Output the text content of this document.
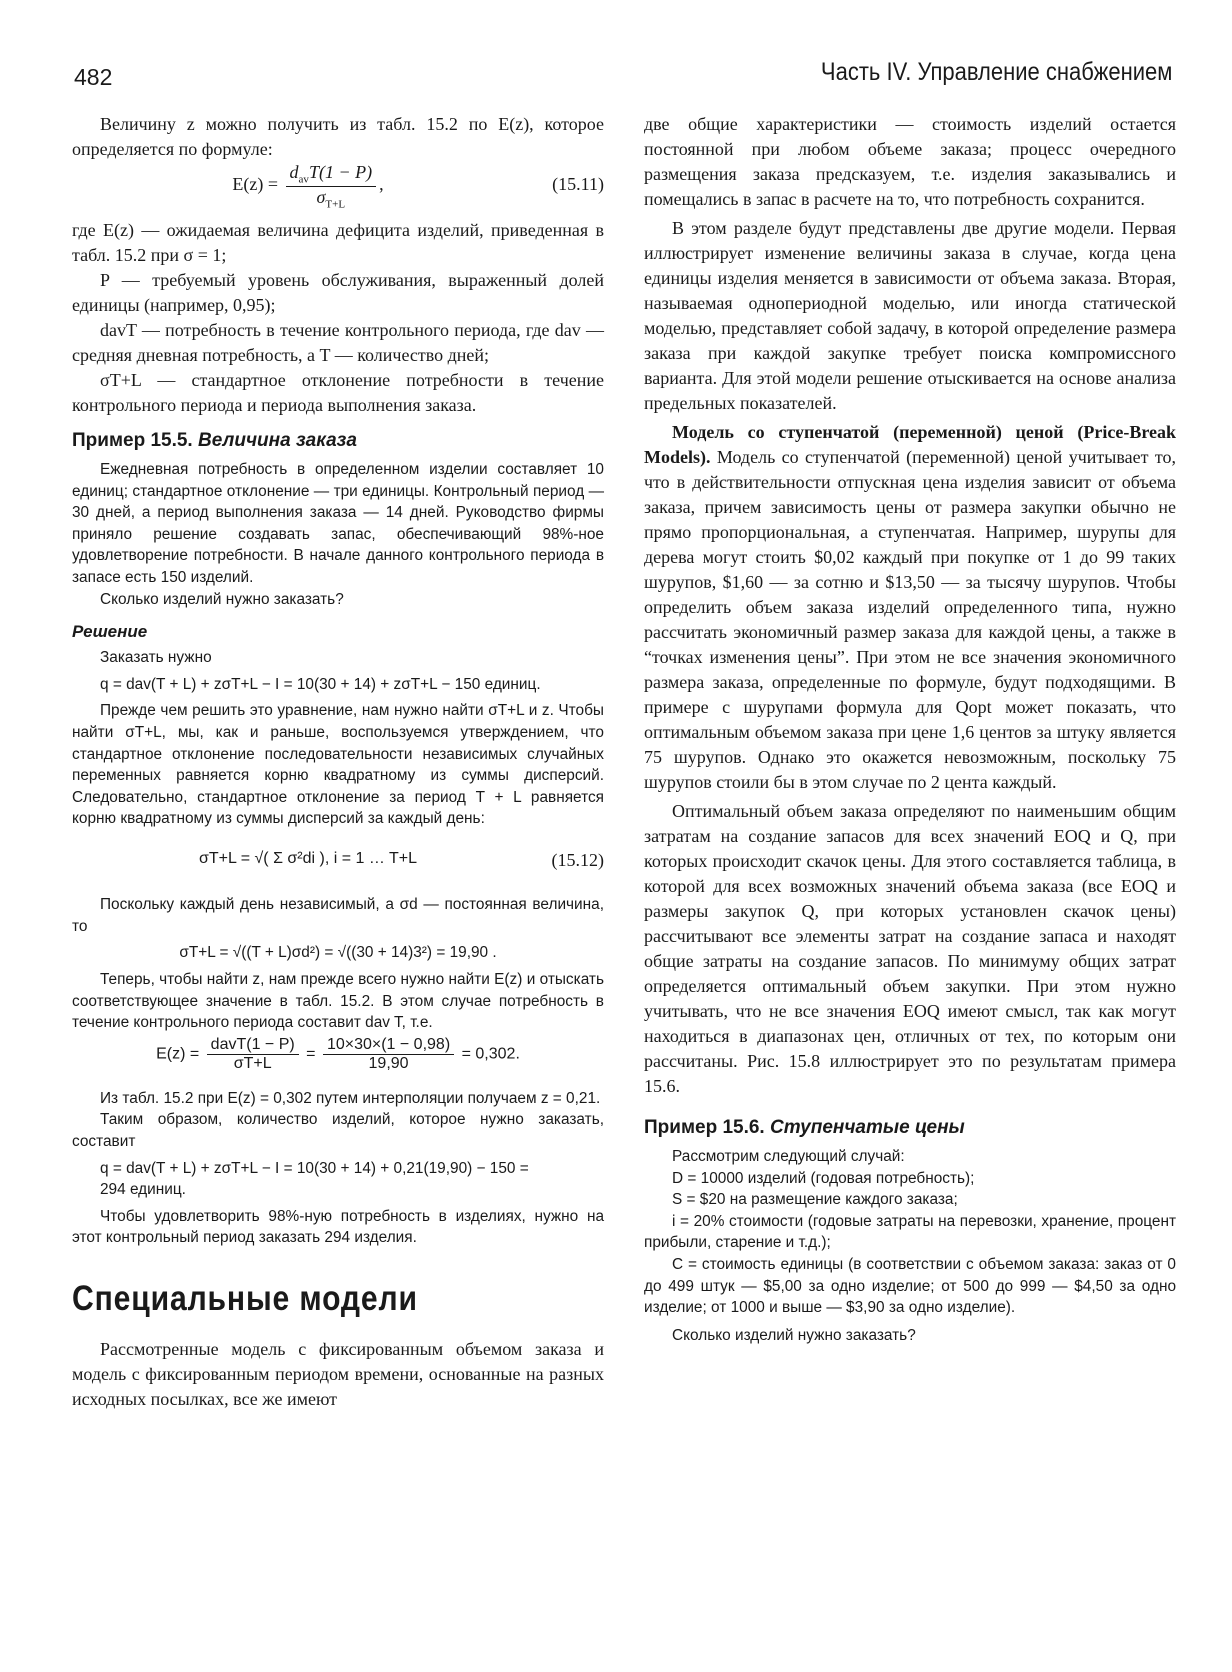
482	Часть IV. Управление снабжением

Величину z можно получить из табл. 15.2 по E(z), которое определяется по формуле:

$E(z) = \frac{d_{av}T(1 - P)}{\sigma_{T+L}}$ ,	(15.11)

где E(z) — ожидаемая величина дефицита изделий, приведенная в табл. 15.2 при σ = 1;

P — требуемый уровень обслуживания, выраженный долей единицы (например, 0,95);

davT — потребность в течение контрольного периода, где dav — средняя дневная потребность, а T — количество дней;

σT+L — стандартное отклонение потребности в течение контрольного периода и периода выполнения заказа.

Пример 15.5. Величина заказа

Ежедневная потребность в определенном изделии составляет 10 единиц; стандартное отклонение — три единицы. Контрольный период — 30 дней, а период выполнения заказа — 14 дней. Руководство фирмы приняло решение создавать запас, обеспечивающий 98%-ное удовлетворение потребности. В начале данного контрольного периода в запасе есть 150 изделий.

Сколько изделий нужно заказать?

Решение

Заказать нужно

q = dav(T + L) + zσT+L − I = 10(30 + 14) + zσT+L − 150 единиц.

Прежде чем решить это уравнение, нам нужно найти σT+L и z. Чтобы найти σT+L, мы, как и раньше, воспользуемся утверждением, что стандартное отклонение последовательности независимых случайных переменных равняется корню квадратному из суммы дисперсий. Следовательно, стандартное отклонение за период T + L равняется корню квадратному из суммы дисперсий за каждый день:

σT+L = √( Σ σ²di ), i = 1 … T+L	(15.12)

Поскольку каждый день независимый, а σd — постоянная величина, то

σT+L = √((T + L)σd²) = √((30 + 14)3²) = 19,90 .

Теперь, чтобы найти z, нам прежде всего нужно найти E(z) и отыскать соответствующее значение в табл. 15.2. В этом случае потребность в течение контрольного периода составит dav T, т.е.

$E(z) = \frac{\text{davT(1 − P)}}{\sigma T+L} = \frac{10\times 30\times(1 - 0,98)}{19,90} = 0,302$.

Из табл. 15.2 при E(z) = 0,302 путем интерполяции получаем z = 0,21.

Таким образом, количество изделий, которое нужно заказать, составит

q = dav(T + L) + zσT+L − I = 10(30 + 14) + 0,21(19,90) − 150 =

294 единиц.

Чтобы удовлетворить 98%-ную потребность в изделиях, нужно на этот контрольный период заказать 294 изделия.

Специальные модели

Рассмотренные модель с фиксированным объемом заказа и модель с фиксированным периодом времени, основанные на разных исходных посылках, все же имеют

две общие характеристики — стоимость изделий остается постоянной при любом объеме заказа; процесс очередного размещения заказа предсказуем, т.е. изделия заказывались и помещались в запас в расчете на то, что потребность сохранится.

В этом разделе будут представлены две другие модели. Первая иллюстрирует изменение величины заказа в случае, когда цена единицы изделия меняется в зависимости от объема заказа. Вторая, называемая однопериодной моделью, или иногда статической моделью, представляет собой задачу, в которой определение размера заказа при каждой закупке требует поиска компромиссного варианта. Для этой модели решение отыскивается на основе анализа предельных показателей.

Модель со ступенчатой (переменной) ценой (Price-Break Models). Модель со ступенчатой (переменной) ценой учитывает то, что в действительности отпускная цена изделия зависит от объема заказа, причем зависимость цены от размера закупки обычно не прямо пропорциональная, а ступенчатая. Например, шурупы для дерева могут стоить $0,02 каждый при покупке от 1 до 99 таких шурупов, $1,60 — за сотню и $13,50 — за тысячу шурупов. Чтобы определить объем заказа изделий определенного типа, нужно рассчитать экономичный размер заказа для каждой цены, а также в “точках изменения цены”. При этом не все значения экономичного размера заказа, определенные по формуле, будут подходящими. В примере с шурупами формула для Qopt может показать, что оптимальным объемом заказа при цене 1,6 центов за штуку является 75 шурупов. Однако это окажется невозможным, поскольку 75 шурупов стоили бы в этом случае по 2 цента каждый.

Оптимальный объем заказа определяют по наименьшим общим затратам на создание запасов для всех значений EOQ и Q, при которых происходит скачок цены. Для этого составляется таблица, в которой для всех возможных значений объема заказа (все EOQ и размеры закупок Q, при которых установлен скачок цены) рассчитывают все элементы затрат на создание запаса и находят общие затраты на создание запасов. По минимуму общих затрат определяется оптимальный объем закупки. При этом нужно учитывать, что не все значения EOQ имеют смысл, так как могут находиться в диапазонах цен, отличных от тех, по которым они рассчитаны. Рис. 15.8 иллюстрирует это по результатам примера 15.6.

Пример 15.6. Ступенчатые цены

Рассмотрим следующий случай:

D = 10000 изделий (годовая потребность);

S = $20 на размещение каждого заказа;

i = 20% стоимости (годовые затраты на перевозки, хранение, процент прибыли, старение и т.д.);

C = стоимость единицы (в соответствии с объемом заказа: заказ от 0 до 499 штук — $5,00 за одно изделие; от 500 до 999 — $4,50 за одно изделие; от 1000 и выше — $3,90 за одно изделие).

Сколько изделий нужно заказать?
